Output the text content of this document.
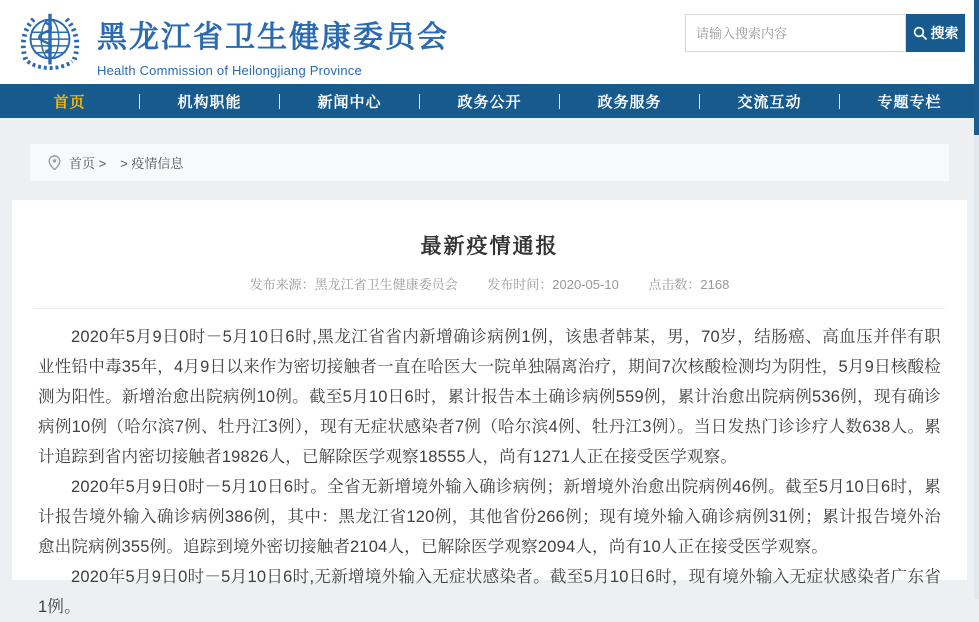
黑龙江省卫生健康委员会
Health Commission of Heilongjiang Province
请输入搜索内容
搜索
首页	机构职能	新闻中心	政务公开	政务服务	交流互动	专题专栏
首页 > > 疫情信息
最新疫情通报
发布来源：黑龙江省卫生健康委员会 发布时间：2020-05-10 点击数：2168

2020年5月9日0时－5月10日6时,黑龙江省省内新增确诊病例1例，该患者韩某，男，70岁，结肠癌、高血压并伴有职业性铅中毒35年，4月9日以来作为密切接触者一直在哈医大一院单独隔离治疗，期间7次核酸检测均为阴性，5月9日核酸检测为阳性。新增治愈出院病例10例。截至5月10日6时，累计报告本土确诊病例559例，累计治愈出院病例536例，现有确诊病例10例（哈尔滨7例、牡丹江3例），现有无症状感染者7例（哈尔滨4例、牡丹江3例）。当日发热门诊诊疗人数638人。累计追踪到省内密切接触者19826人，已解除医学观察18555人，尚有1271人正在接受医学观察。

2020年5月9日0时－5月10日6时。全省无新增境外输入确诊病例；新增境外治愈出院病例46例。截至5月10日6时，累计报告境外输入确诊病例386例，其中：黑龙江省120例，其他省份266例；现有境外输入确诊病例31例；累计报告境外治愈出院病例355例。追踪到境外密切接触者2104人，已解除医学观察2094人，尚有10人正在接受医学观察。

2020年5月9日0时－5月10日6时,无新增境外输入无症状感染者。截至5月10日6时，现有境外输入无症状感染者广东省1例。
